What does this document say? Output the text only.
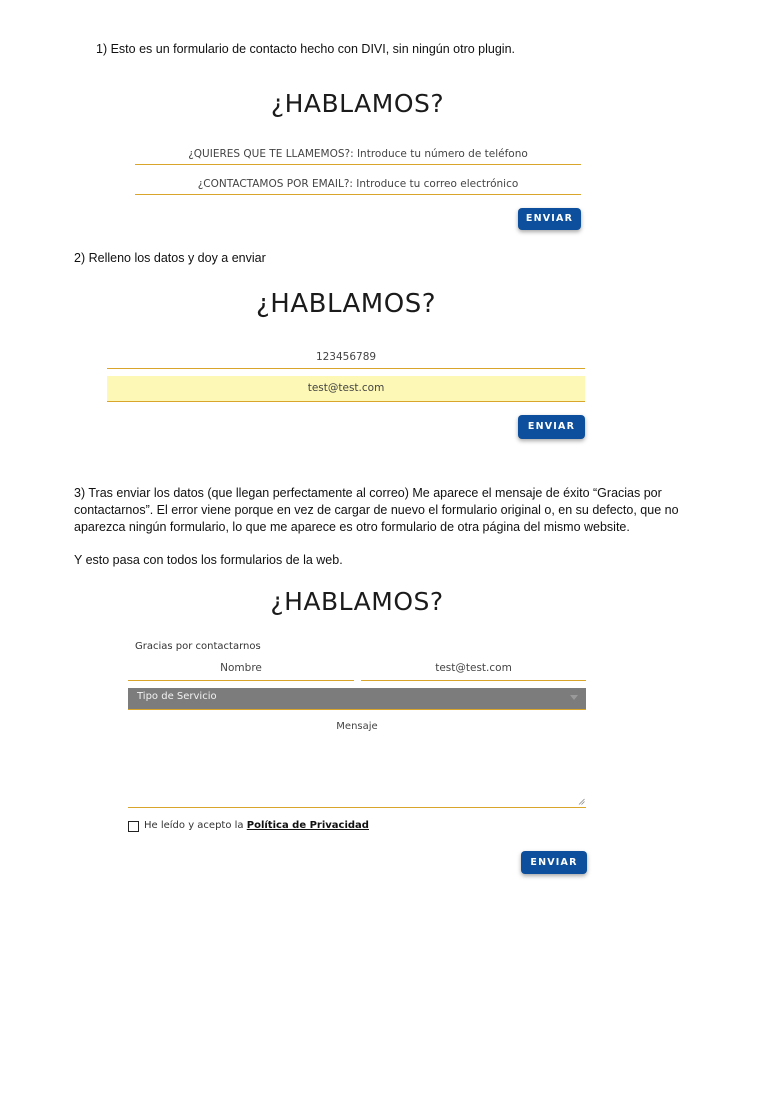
1) Esto es un formulario de contacto hecho con DIVI, sin ningún otro plugin.
¿HABLAMOS?
¿QUIERES QUE TE LLAMEMOS?: Introduce tu número de teléfono
¿CONTACTAMOS POR EMAIL?: Introduce tu correo electrónico
ENVIAR
2) Relleno los datos y doy a enviar
¿HABLAMOS?
123456789
test@test.com
ENVIAR
3) Tras enviar los datos (que llegan perfectamente al correo) Me aparece el mensaje de éxito “Gracias por contactarnos”. El error viene porque en vez de cargar de nuevo el formulario original o, en su defecto, que no aparezca ningún formulario, lo que me aparece es otro formulario de otra página del mismo website.
Y esto pasa con todos los formularios de la web.
¿HABLAMOS?
Gracias por contactarnos
Nombre	test@test.com
Tipo de Servicio
Mensaje
He leído y acepto la Política de Privacidad
ENVIAR
